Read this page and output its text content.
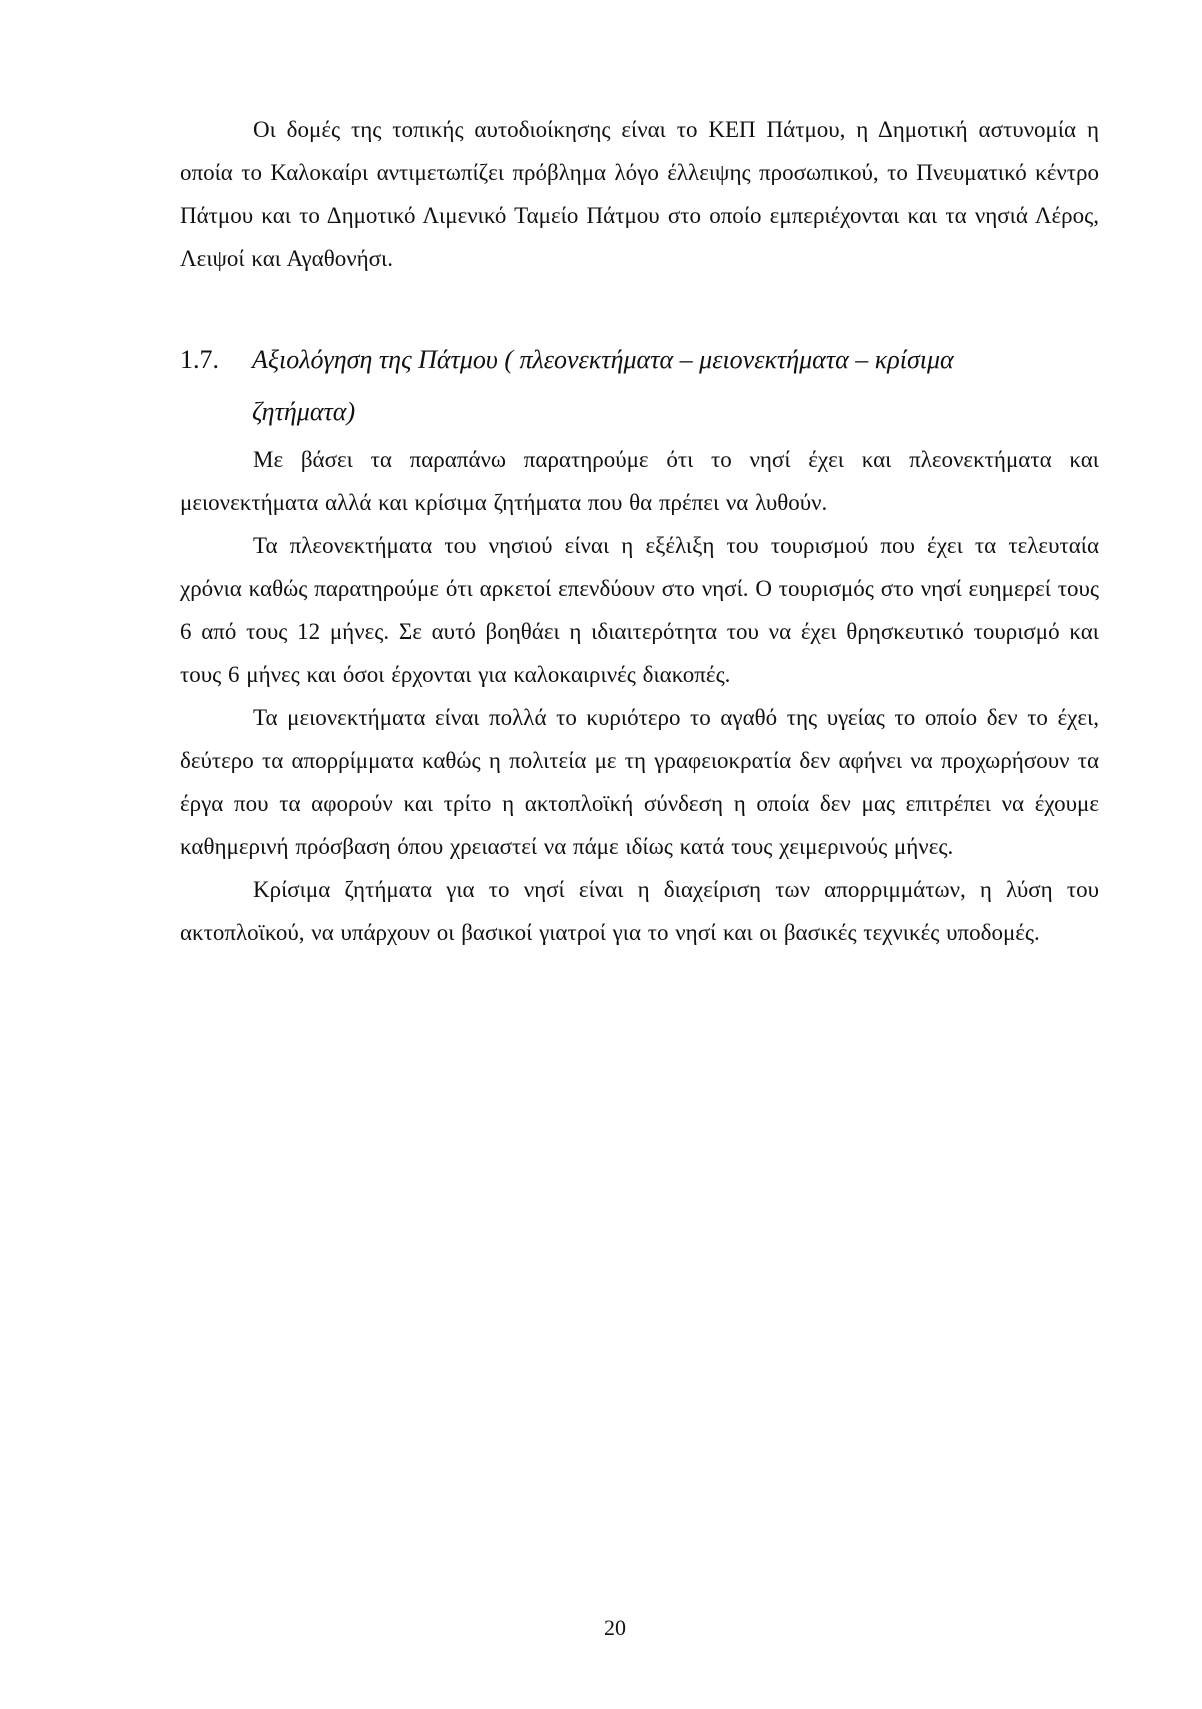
Οι δομές της τοπικής αυτοδιοίκησης είναι το ΚΕΠ Πάτμου, η Δημοτική αστυνομία η οποία το Καλοκαίρι αντιμετωπίζει πρόβλημα λόγο έλλειψης προσωπικού, το Πνευματικό κέντρο Πάτμου και το Δημοτικό Λιμενικό Ταμείο Πάτμου στο οποίο εμπεριέχονται και τα νησιά Λέρος, Λειψοί και Αγαθονήσι.

1.7. Αξιολόγηση της Πάτμου ( πλεονεκτήματα – μειονεκτήματα – κρίσιμα
ζητήματα)

Με βάσει τα παραπάνω παρατηρούμε ότι το νησί έχει και πλεονεκτήματα και μειονεκτήματα αλλά και κρίσιμα ζητήματα που θα πρέπει να λυθούν.

Τα πλεονεκτήματα του νησιού είναι η εξέλιξη του τουρισμού που έχει τα τελευταία χρόνια καθώς παρατηρούμε ότι αρκετοί επενδύουν στο νησί. Ο τουρισμός στο νησί ευημερεί τους 6 από τους 12 μήνες. Σε αυτό βοηθάει η ιδιαιτερότητα του να έχει θρησκευτικό τουρισμό και τους 6 μήνες και όσοι έρχονται για καλοκαιρινές διακοπές.

Τα μειονεκτήματα είναι πολλά το κυριότερο το αγαθό της υγείας το οποίο δεν το έχει, δεύτερο τα απορρίμματα καθώς η πολιτεία με τη γραφειοκρατία δεν αφήνει να προχωρήσουν τα έργα που τα αφορούν και τρίτο η ακτοπλοϊκή σύνδεση η οποία δεν μας επιτρέπει να έχουμε καθημερινή πρόσβαση όπου χρειαστεί να πάμε ιδίως κατά τους χειμερινούς μήνες.

Κρίσιμα ζητήματα για το νησί είναι η διαχείριση των απορριμμάτων, η λύση του ακτοπλοϊκού, να υπάρχουν οι βασικοί γιατροί για το νησί και οι βασικές τεχνικές υποδομές.

20
